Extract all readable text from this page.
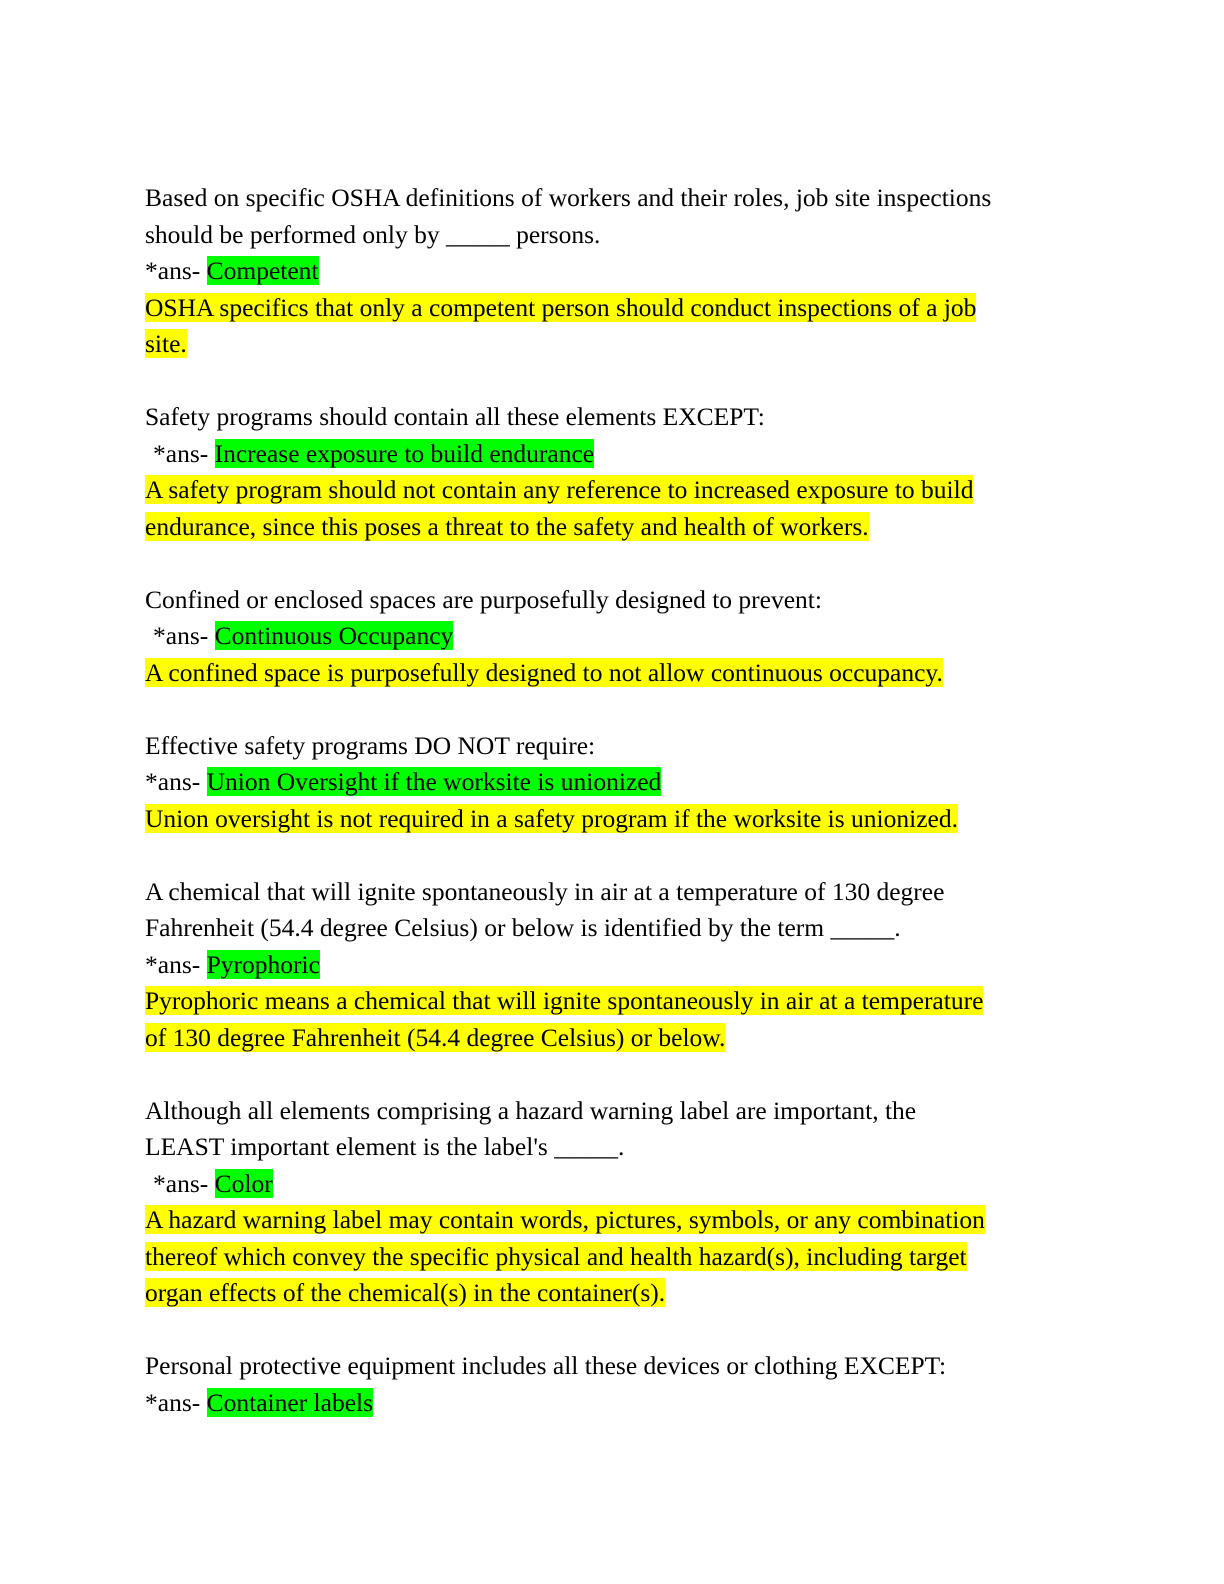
Based on specific OSHA definitions of workers and their roles, job site inspections
should be performed only by _____ persons.
*ans- Competent
OSHA specifics that only a competent person should conduct inspections of a job
site.
Safety programs should contain all these elements EXCEPT:
*ans- Increase exposure to build endurance
A safety program should not contain any reference to increased exposure to build
endurance, since this poses a threat to the safety and health of workers.
Confined or enclosed spaces are purposefully designed to prevent:
*ans- Continuous Occupancy
A confined space is purposefully designed to not allow continuous occupancy.
Effective safety programs DO NOT require:
*ans- Union Oversight if the worksite is unionized
Union oversight is not required in a safety program if the worksite is unionized.
A chemical that will ignite spontaneously in air at a temperature of 130 degree
Fahrenheit (54.4 degree Celsius) or below is identified by the term _____.
*ans- Pyrophoric
Pyrophoric means a chemical that will ignite spontaneously in air at a temperature
of 130 degree Fahrenheit (54.4 degree Celsius) or below.
Although all elements comprising a hazard warning label are important, the
LEAST important element is the label's _____.
*ans- Color
A hazard warning label may contain words, pictures, symbols, or any combination
thereof which convey the specific physical and health hazard(s), including target
organ effects of the chemical(s) in the container(s).
Personal protective equipment includes all these devices or clothing EXCEPT:
*ans- Container labels
